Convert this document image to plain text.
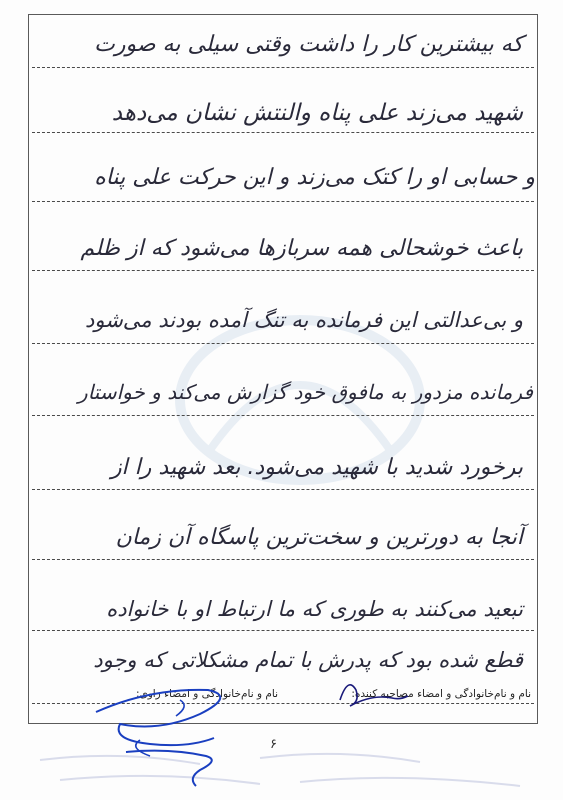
که بیشترین کار را داشت وقتی سیلی به صورت
شهید می‌زند علی پناه والنتش نشان می‌دهد
و حسابی او را کتک می‌زند و این حرکت علی پناه
باعث خوشحالی همه سربازها می‌شود که از ظلم
و بی‌عدالتی این فرمانده به تنگ آمده بودند می‌شود
فرمانده مزدور به مافوق خود گزارش می‌کند و خواستار
برخورد شدید با شهید می‌شود. بعد شهید را از
آنجا به دورترین و سخت‌ترین پاسگاه آن زمان
تبعید می‌کنند به طوری که ما ارتباط او با خانواده
قطع شده بود که پدرش با تمام مشکلاتی که وجود
نام و نام‌خانوادگی و امضاء مصاحبه کننده:
نام و نام‌خانوادگی و امضاء راوی:
۶
